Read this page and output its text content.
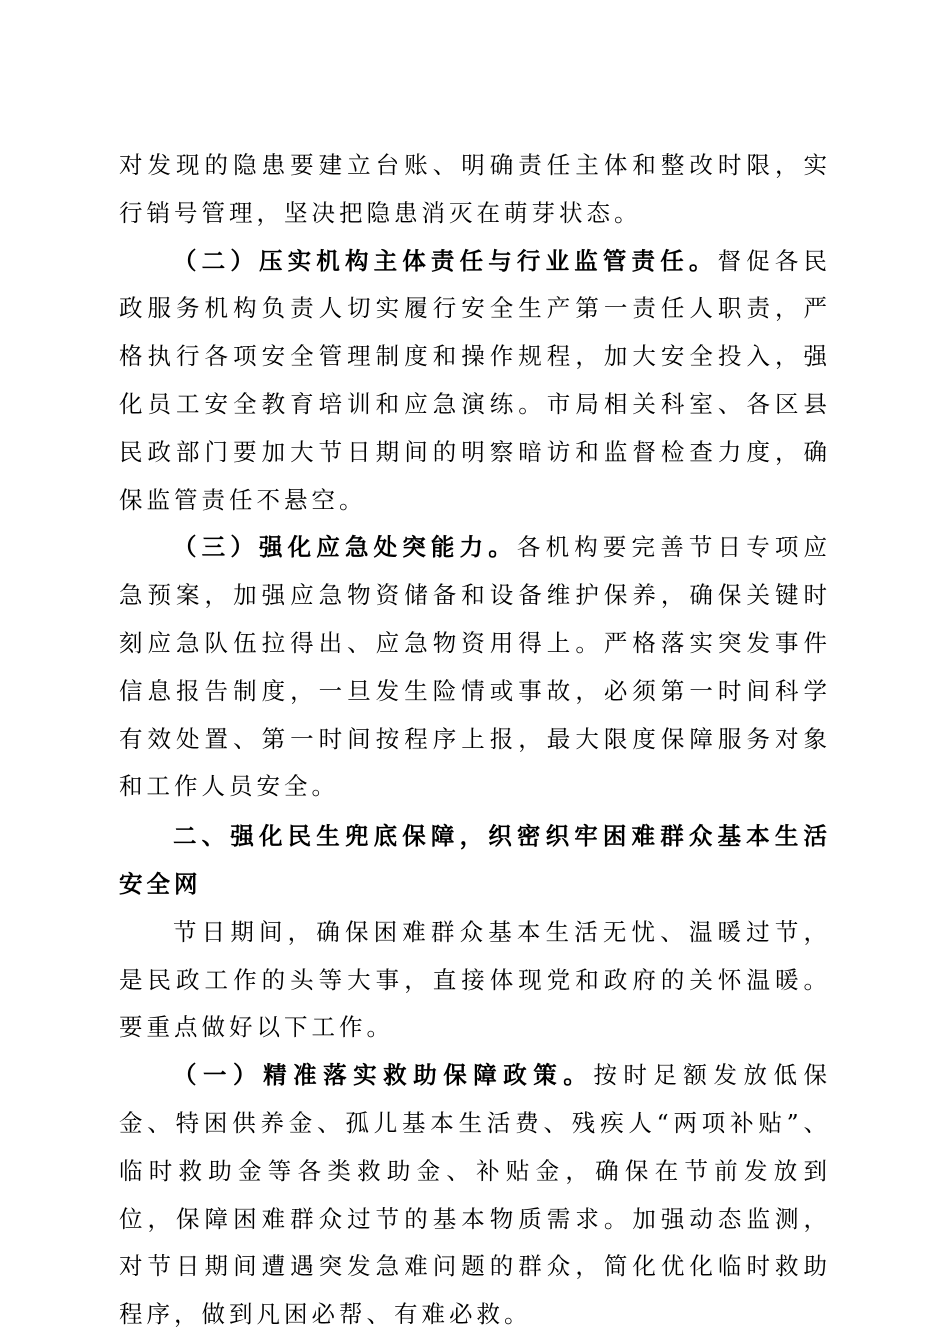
对发现的隐患要建立台账、明确责任主体和整改时限，实行销号管理，坚决把隐患消灭在萌芽状态。

（二）压实机构主体责任与行业监管责任。督促各民政服务机构负责人切实履行安全生产第一责任人职责，严格执行各项安全管理制度和操作规程，加大安全投入，强化员工安全教育培训和应急演练。市局相关科室、各区县民政部门要加大节日期间的明察暗访和监督检查力度，确保监管责任不悬空。

（三）强化应急处突能力。各机构要完善节日专项应急预案，加强应急物资储备和设备维护保养，确保关键时刻应急队伍拉得出、应急物资用得上。严格落实突发事件信息报告制度，一旦发生险情或事故，必须第一时间科学有效处置、第一时间按程序上报，最大限度保障服务对象和工作人员安全。

二、强化民生兜底保障，织密织牢困难群众基本生活安全网

节日期间，确保困难群众基本生活无忧、温暖过节，是民政工作的头等大事，直接体现党和政府的关怀温暖。要重点做好以下工作。

（一）精准落实救助保障政策。按时足额发放低保金、特困供养金、孤儿基本生活费、残疾人“两项补贴”、临时救助金等各类救助金、补贴金，确保在节前发放到位，保障困难群众过节的基本物质需求。加强动态监测，对节日期间遭遇突发急难问题的群众，简化优化临时救助程序，做到凡困必帮、有难必救。
